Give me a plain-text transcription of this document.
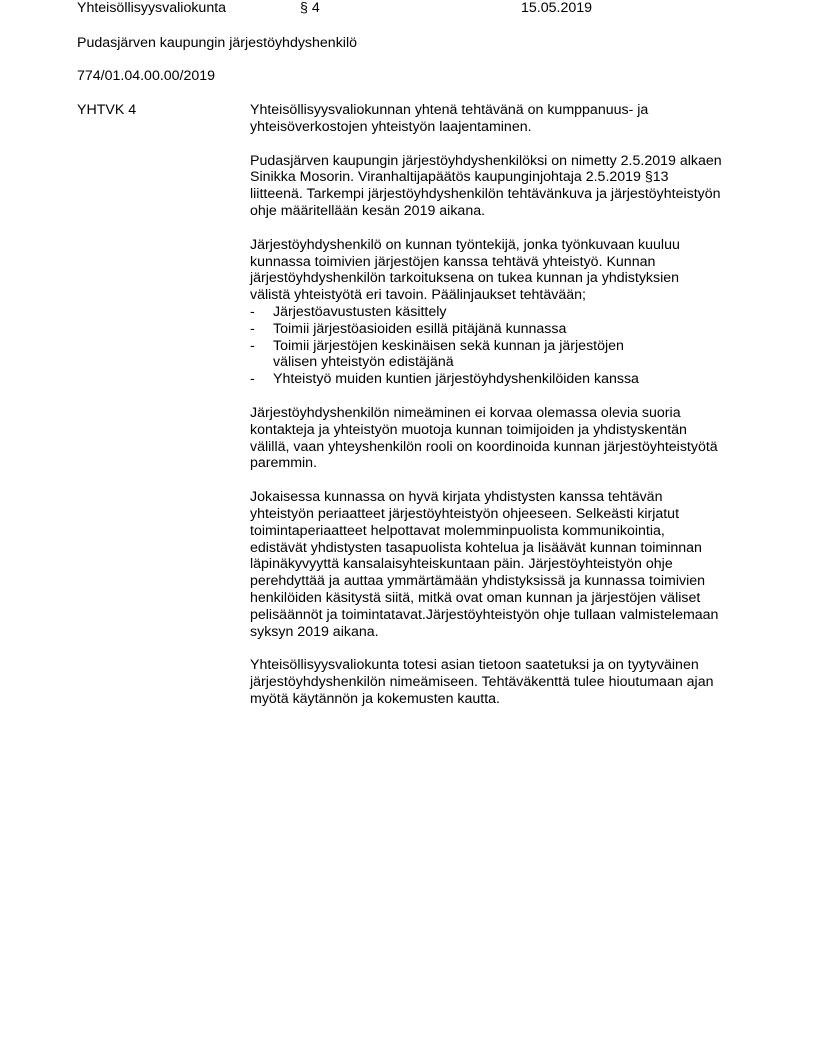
Yhteisöllisyysvaliokunta	§ 4	15.05.2019
Pudasjärven kaupungin järjestöyhdyshenkilö
774/01.04.00.00/2019
YHTVK 4	Yhteisöllisyysvaliokunnan yhtenä tehtävänä on kumppanuus- ja
yhteisöverkostojen yhteistyön laajentaminen.

Pudasjärven kaupungin järjestöyhdyshenkilöksi on nimetty 2.5.2019 alkaen
Sinikka Mosorin. Viranhaltijapäätös kaupunginjohtaja 2.5.2019 §13
liitteenä. Tarkempi järjestöyhdyshenkilön tehtävänkuva ja järjestöyhteistyön
ohje määritellään kesän 2019 aikana.

Järjestöyhdyshenkilö on kunnan työntekijä, jonka työnkuvaan kuuluu
kunnassa toimivien järjestöjen kanssa tehtävä yhteistyö. Kunnan
järjestöyhdyshenkilön tarkoituksena on tukea kunnan ja yhdistyksien
välistä yhteistyötä eri tavoin. Päälinjaukset tehtävään;

- Järjestöavustusten käsittely
- Toimii järjestöasioiden esillä pitäjänä kunnassa
- Toimii järjestöjen keskinäisen sekä kunnan ja järjestöjen
välisen yhteistyön edistäjänä
- Yhteistyö muiden kuntien järjestöyhdyshenkilöiden kanssa

Järjestöyhdyshenkilön nimeäminen ei korvaa olemassa olevia suoria
kontakteja ja yhteistyön muotoja kunnan toimijoiden ja yhdistyskentän
välillä, vaan yhteyshenkilön rooli on koordinoida kunnan järjestöyhteistyötä
paremmin.

Jokaisessa kunnassa on hyvä kirjata yhdistysten kanssa tehtävän
yhteistyön periaatteet järjestöyhteistyön ohjeeseen. Selkeästi kirjatut
toimintaperiaatteet helpottavat molemminpuolista kommunikointia,
edistävät yhdistysten tasapuolista kohtelua ja lisäävät kunnan toiminnan
läpinäkyvyyttä kansalaisyhteiskuntaan päin. Järjestöyhteistyön ohje
perehdyttää ja auttaa ymmärtämään yhdistyksissä ja kunnassa toimivien
henkilöiden käsitystä siitä, mitkä ovat oman kunnan ja järjestöjen väliset
pelisäännöt ja toimintatavat.Järjestöyhteistyön ohje tullaan valmistelemaan
syksyn 2019 aikana.

Yhteisöllisyysvaliokunta totesi asian tietoon saatetuksi ja on tyytyväinen
järjestöyhdyshenkilön nimeämiseen. Tehtäväkenttä tulee hioutumaan ajan
myötä käytännön ja kokemusten kautta.
